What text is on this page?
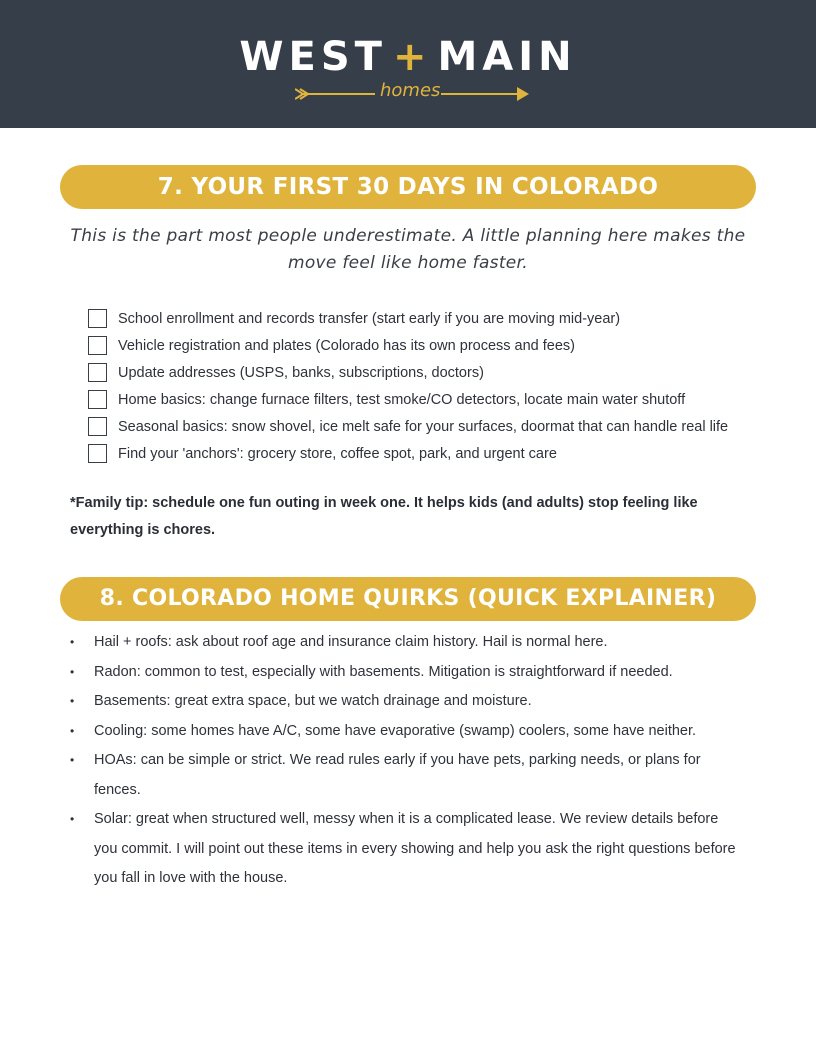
WEST + MAIN
homes
7. YOUR FIRST 30 DAYS IN COLORADO
This is the part most people underestimate. A little planning here makes the move feel like home faster.
School enrollment and records transfer (start early if you are moving mid-year)
Vehicle registration and plates (Colorado has its own process and fees)
Update addresses (USPS, banks, subscriptions, doctors)
Home basics: change furnace filters, test smoke/CO detectors, locate main water shutoff
Seasonal basics: snow shovel, ice melt safe for your surfaces, doormat that can handle real life
Find your 'anchors': grocery store, coffee spot, park, and urgent care
*Family tip: schedule one fun outing in week one. It helps kids (and adults) stop feeling like everything is chores.
8. COLORADO HOME QUIRKS (QUICK EXPLAINER)
• Hail + roofs: ask about roof age and insurance claim history. Hail is normal here.
• Radon: common to test, especially with basements. Mitigation is straightforward if needed.
• Basements: great extra space, but we watch drainage and moisture.
• Cooling: some homes have A/C, some have evaporative (swamp) coolers, some have neither.
• HOAs: can be simple or strict. We read rules early if you have pets, parking needs, or plans for fences.
• Solar: great when structured well, messy when it is a complicated lease. We review details before you commit. I will point out these items in every showing and help you ask the right questions before you fall in love with the house.
